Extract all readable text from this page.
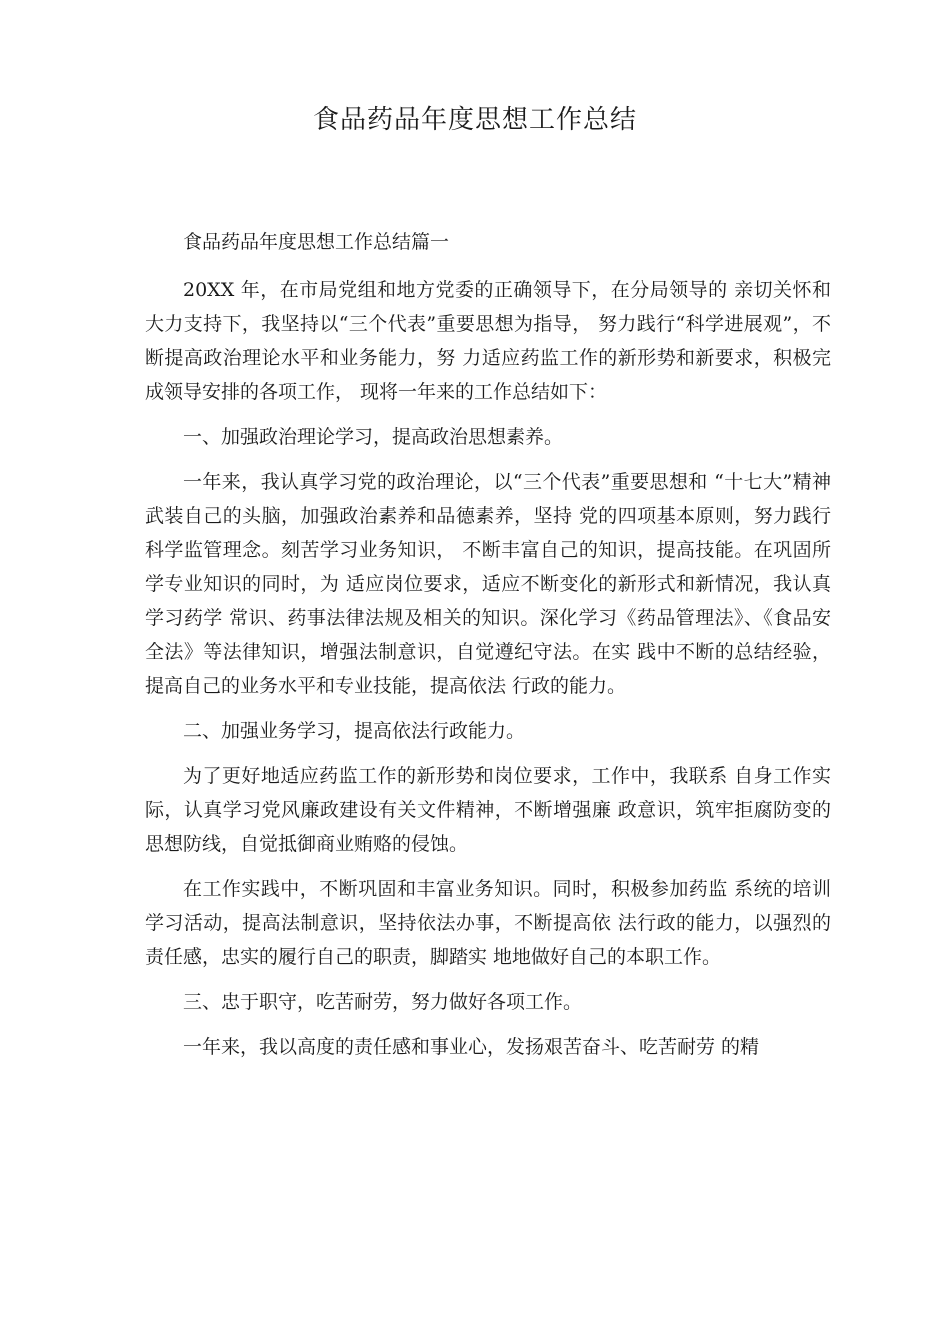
食品药品年度思想工作总结

食品药品年度思想工作总结篇一

20XX 年，在市局党组和地方党委的正确领导下，在分局领导的 亲切关怀和大力支持下，我坚持以“三个代表”重要思想为指导， 努力践行“科学进展观”，不断提高政治理论水平和业务能力，努 力适应药监工作的新形势和新要求，积极完成领导安排的各项工作， 现将一年来的工作总结如下：

一、加强政治理论学习，提高政治思想素养。

一年来，我认真学习党的政治理论，以“三个代表”重要思想和 “十七大”精神武装自己的头脑，加强政治素养和品德素养，坚持 党的四项基本原则，努力践行科学监管理念。刻苦学习业务知识， 不断丰富自己的知识，提高技能。在巩固所学专业知识的同时，为 适应岗位要求，适应不断变化的新形式和新情况，我认真学习药学 常识、药事法律法规及相关的知识。深化学习《药品管理法》、《食品安全法》等法律知识，增强法制意识，自觉遵纪守法。在实 践中不断的总结经验，提高自己的业务水平和专业技能，提高依法 行政的能力。

二、加强业务学习，提高依法行政能力。

为了更好地适应药监工作的新形势和岗位要求，工作中，我联系 自身工作实际，认真学习党风廉政建设有关文件精神，不断增强廉 政意识，筑牢拒腐防变的思想防线，自觉抵御商业贿赂的侵蚀。

在工作实践中，不断巩固和丰富业务知识。同时，积极参加药监 系统的培训学习活动，提高法制意识，坚持依法办事，不断提高依 法行政的能力，以强烈的责任感，忠实的履行自己的职责，脚踏实 地地做好自己的本职工作。

三、忠于职守，吃苦耐劳，努力做好各项工作。

一年来，我以高度的责任感和事业心，发扬艰苦奋斗、吃苦耐劳 的精
